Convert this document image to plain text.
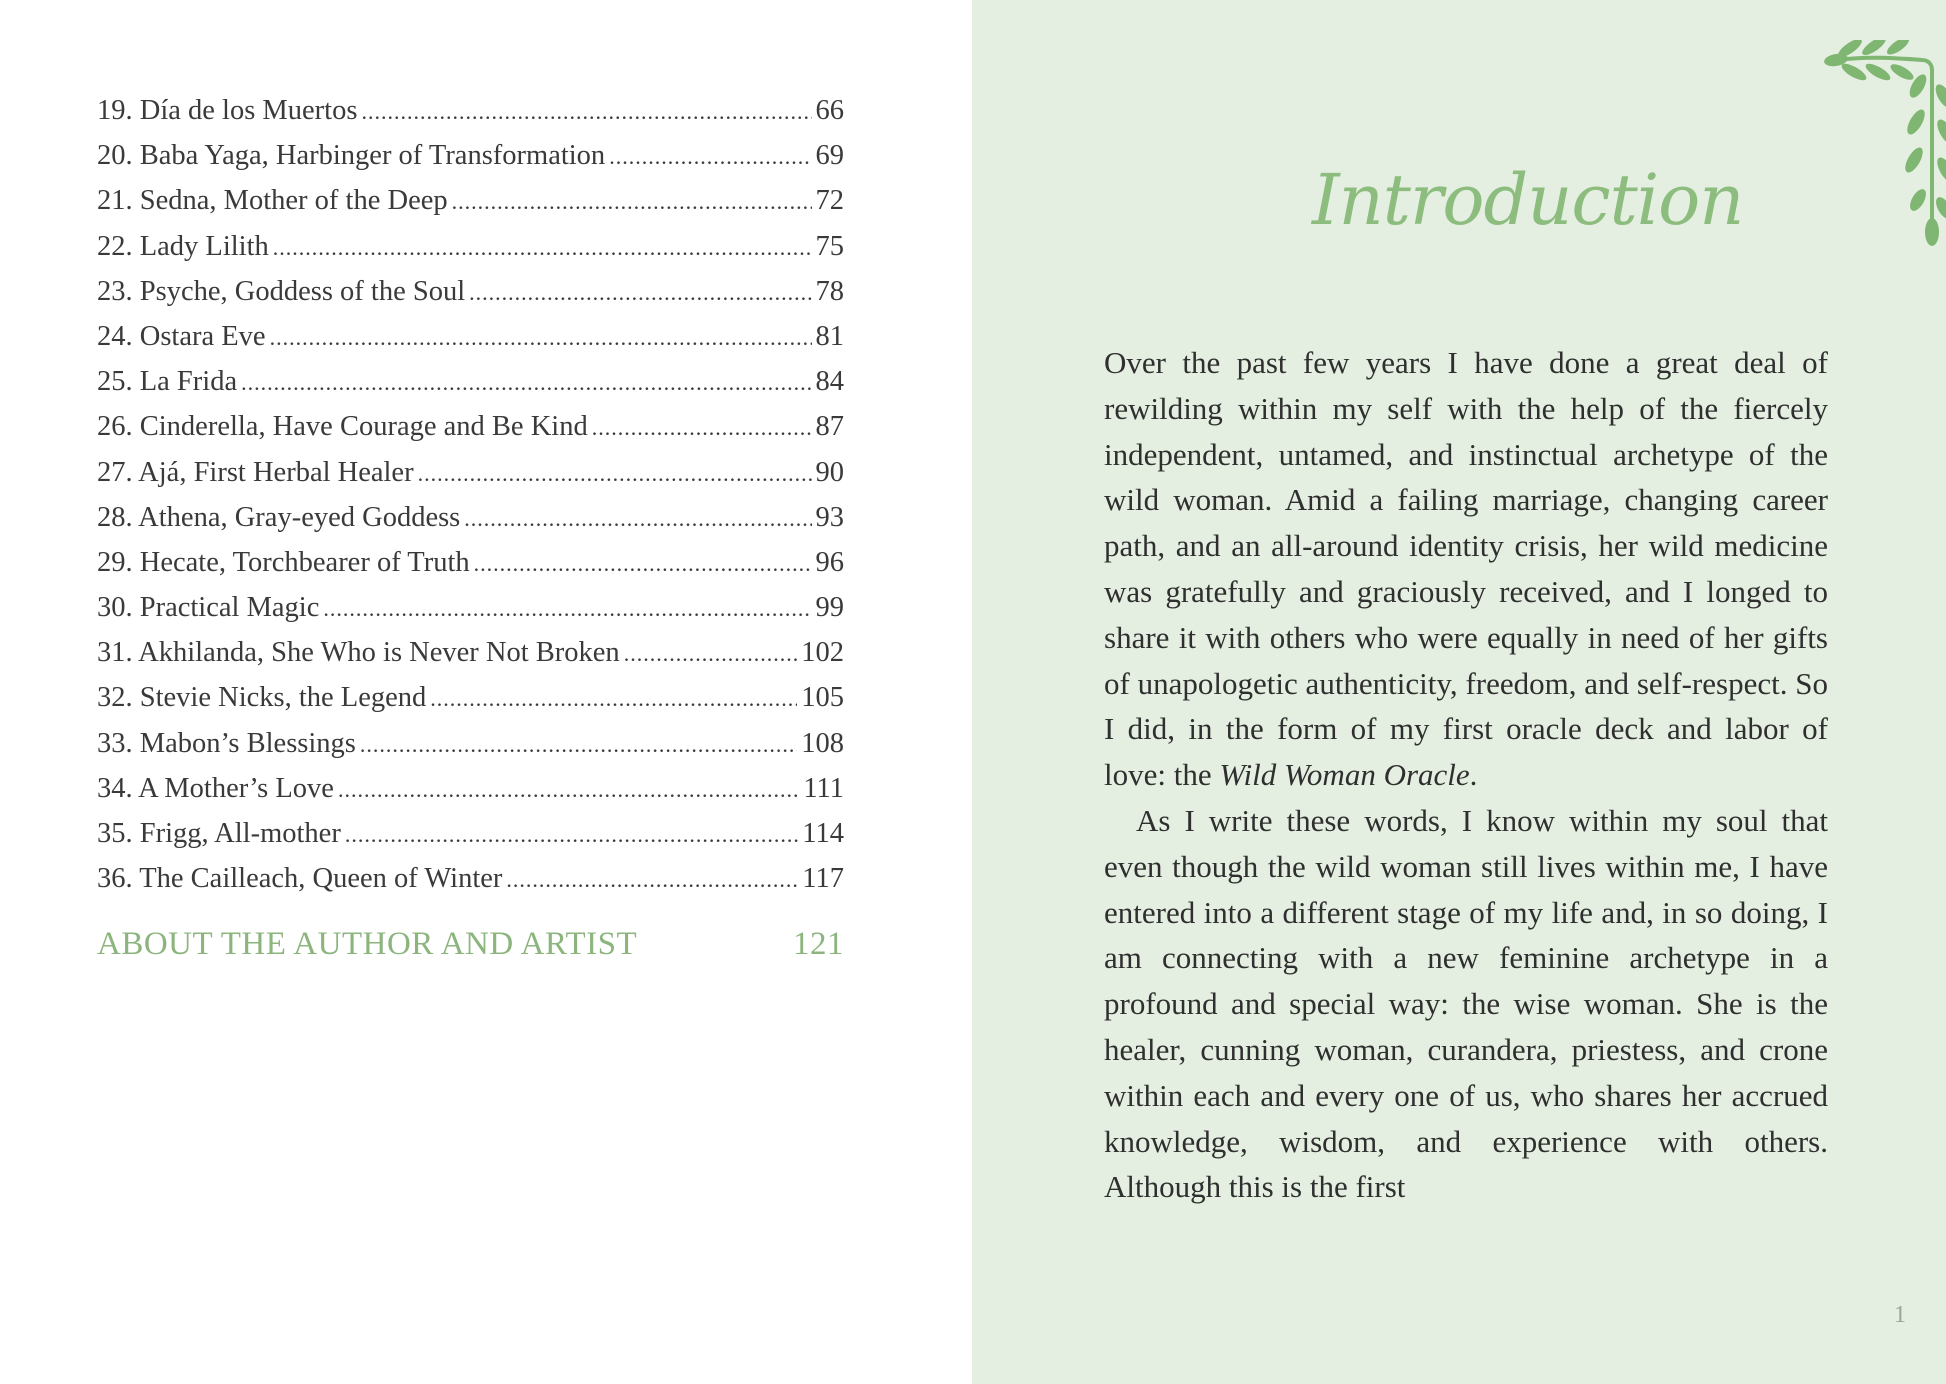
19. Día de los Muertos .....	66
20. Baba Yaga, Harbinger of Transformation .....	69
21. Sedna, Mother of the Deep .....	72
22. Lady Lilith .....	75
23. Psyche, Goddess of the Soul .....	78
24. Ostara Eve .....	81
25. La Frida .....	84
26. Cinderella, Have Courage and Be Kind .....	87
27. Ajá, First Herbal Healer .....	90
28. Athena, Gray-eyed Goddess .....	93
29. Hecate, Torchbearer of Truth .....	96
30. Practical Magic .....	99
31. Akhilanda, She Who is Never Not Broken .....	102
32. Stevie Nicks, the Legend .....	105
33. Mabon’s Blessings .....	108
34. A Mother’s Love .....	111
35. Frigg, All-mother .....	114
36. The Cailleach, Queen of Winter .....	117
ABOUT THE AUTHOR AND ARTIST	121
Introduction

Over the past few years I have done a great deal of rewilding within my self with the help of the fiercely independent, untamed, and instinctual archetype of the wild woman. Amid a failing marriage, changing career path, and an all-around identity crisis, her wild medicine was gratefully and graciously received, and I longed to share it with others who were equally in need of her gifts of unapologetic authenticity, freedom, and self-respect. So I did, in the form of my first oracle deck and labor of love: the Wild Woman Oracle.

As I write these words, I know within my soul that even though the wild woman still lives within me, I have entered into a different stage of my life and, in so doing, I am connecting with a new feminine archetype in a profound and special way: the wise woman. She is the healer, cunning woman, curandera, priestess, and crone within each and every one of us, who shares her accrued knowledge, wisdom, and experience with others. Although this is the first

1
